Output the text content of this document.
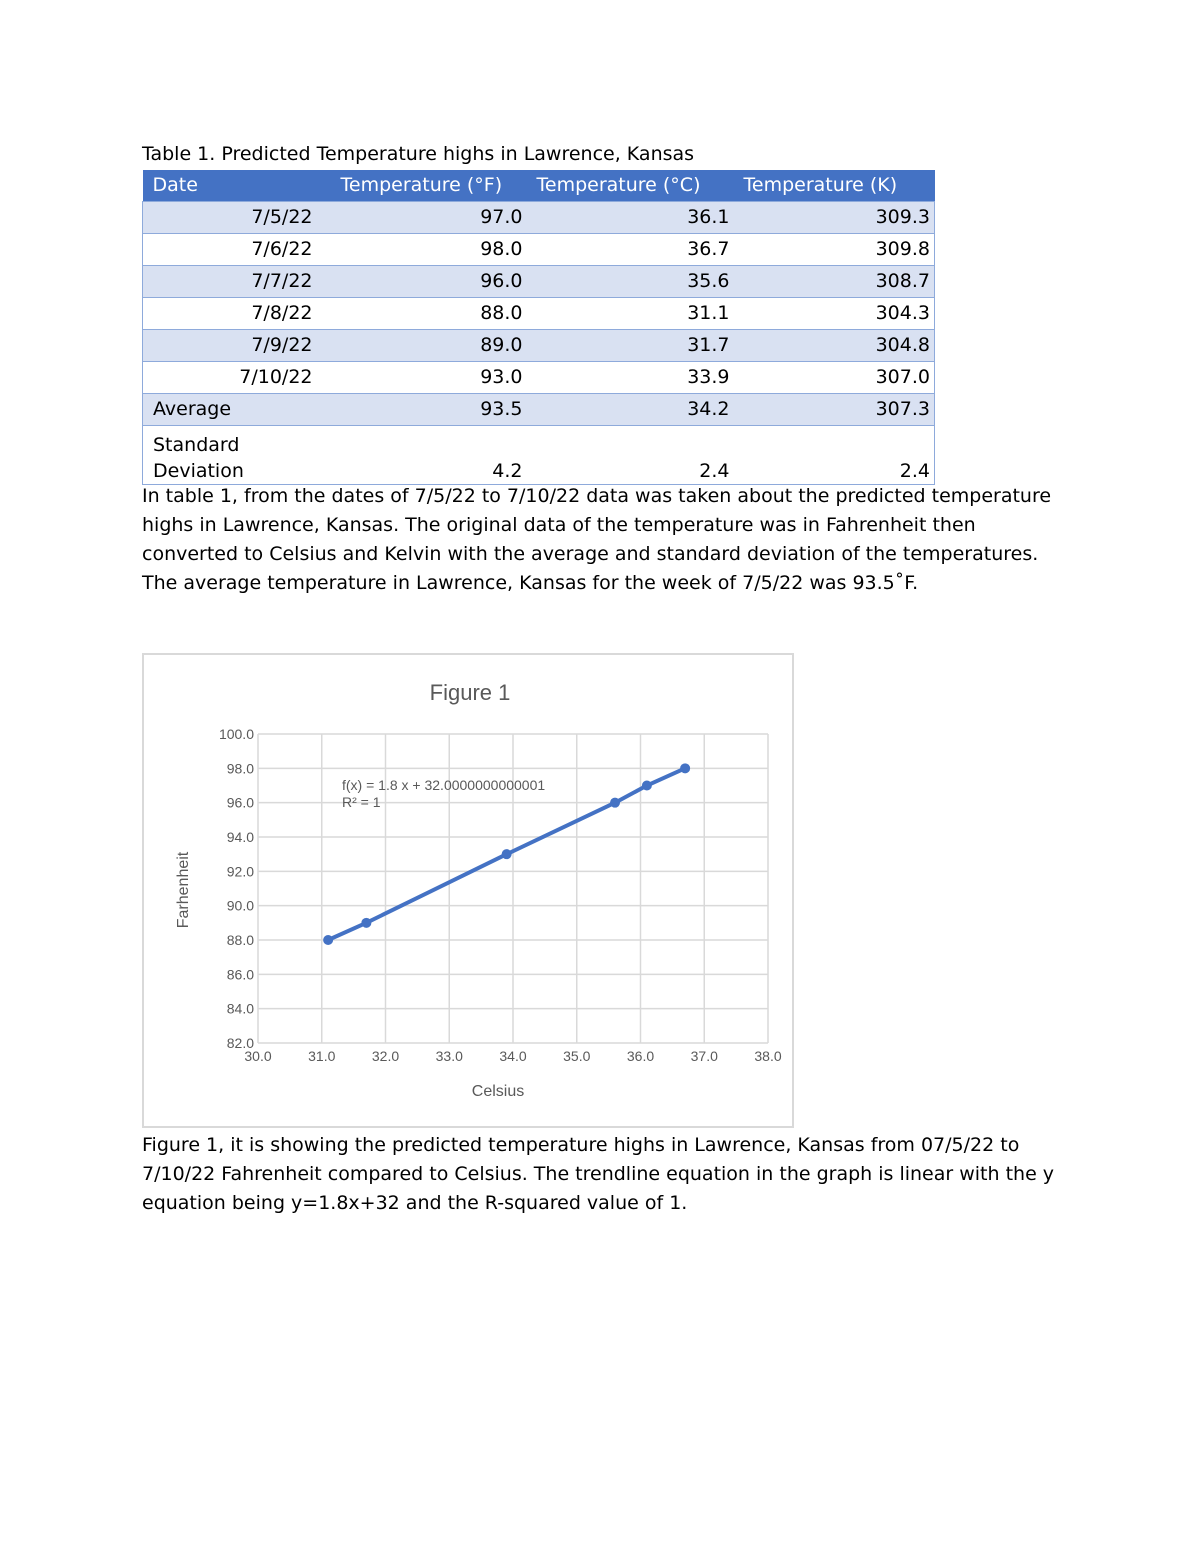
Table 1. Predicted Temperature highs in Lawrence, Kansas
Date	Temperature (°F)	Temperature (°C)	Temperature (K)
7/5/22	97.0	36.1	309.3
7/6/22	98.0	36.7	309.8
7/7/22	96.0	35.6	308.7
7/8/22	88.0	31.1	304.3
7/9/22	89.0	31.7	304.8
7/10/22	93.0	33.9	307.0
Average	93.5	34.2	307.3
Standard Deviation	4.2	2.4	2.4

In table 1, from the dates of 7/5/22 to 7/10/22 data was taken about the predicted temperature highs in Lawrence, Kansas. The original data of the temperature was in Fahrenheit then converted to Celsius and Kelvin with the average and standard deviation of the temperatures. The average temperature in Lawrence, Kansas for the week of 7/5/22 was 93.5˚F.

Figure 1
30.0	31.0	32.0	33.0	34.0	35.0	36.0	37.0	38.0
82.0
84.0
86.0
88.0
90.0
92.0
94.0
96.0
98.0
100.0
f(x) = 1.8 x + 32.0000000000001
R² = 1
Celsius
Farhenheit

Figure 1, it is showing the predicted temperature highs in Lawrence, Kansas from 07/5/22 to 7/10/22 Fahrenheit compared to Celsius. The trendline equation in the graph is linear with the y equation being y=1.8x+32 and the R-squared value of 1.
